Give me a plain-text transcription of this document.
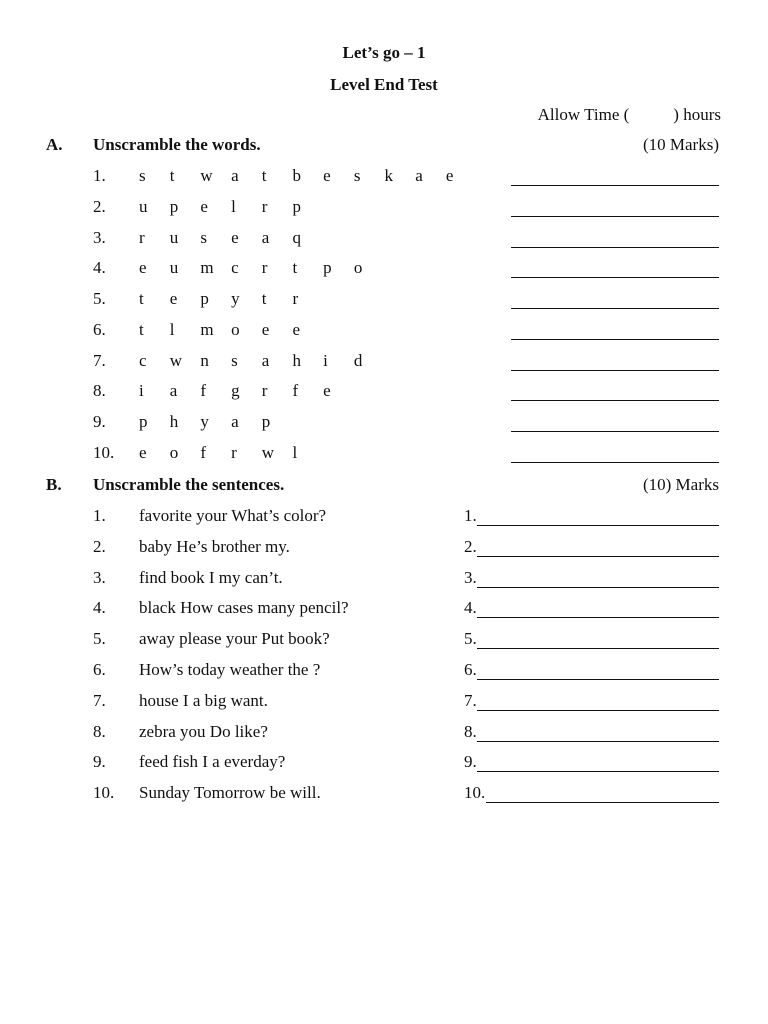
Let’s go – 1
Level End Test
Allow Time (	) hours
A. Unscramble the words.	(10 Marks)
1. s	t	w	a	t	b	e	s	k	a	e
2. u	p	e	l	r	p
3. r	u	s	e	a	q
4. e	u	m	c	r	t	p	o
5. t	e	p	y	t	r
6. t	l	m	o	e	e
7. c	w	n	s	a	h	i	d
8. i	a	f	g	r	f	e
9. p	h	y	a	p
10. e	o	f	r	w	l
B. Unscramble the sentences.	(10) Marks
1. favorite your What’s color?	1.
2. baby He’s brother my.	2.
3. find book I my can’t.	3.
4. black How cases many pencil?	4.
5. away please your Put book?	5.
6. How’s today weather the ?	6.
7. house I a big want.	7.
8. zebra you Do like?	8.
9. feed fish I a everday?	9.
10. Sunday Tomorrow be will.	10.
